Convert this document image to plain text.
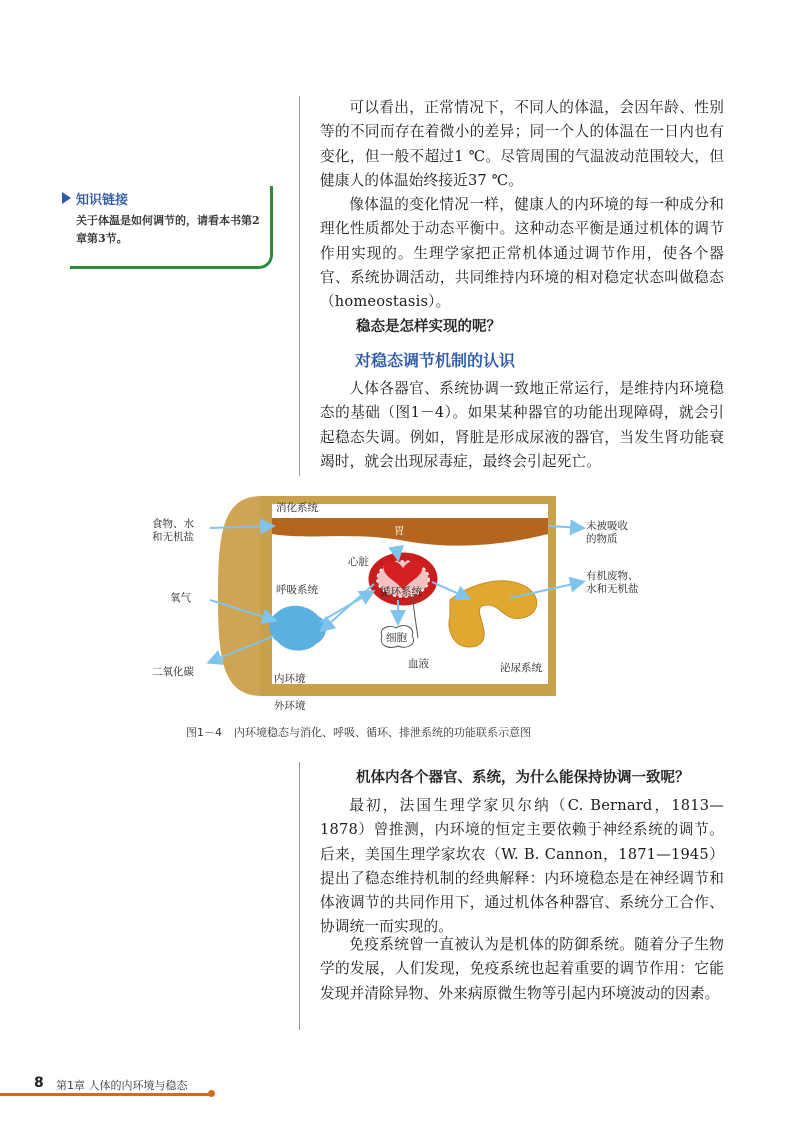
可以看出，正常情况下，不同人的体温，会因年龄、性别等的不同而存在着微小的差异；同一个人的体温在一日内也有变化，但一般不超过1 ℃。尽管周围的气温波动范围较大，但健康人的体温始终接近37 ℃。

像体温的变化情况一样，健康人的内环境的每一种成分和理化性质都处于动态平衡中。这种动态平衡是通过机体的调节作用实现的。生理学家把正常机体通过调节作用，使各个器官、系统协调活动，共同维持内环境的相对稳定状态叫做稳态（homeostasis）。

稳态是怎样实现的呢？
对稳态调节机制的认识

人体各器官、系统协调一致地正常运行，是维持内环境稳态的基础（图1－4）。如果某种器官的功能出现障碍，就会引起稳态失调。例如，肾脏是形成尿液的器官，当发生肾功能衰竭时，就会出现尿毒症，最终会引起死亡。

知识链接
关于体温是如何调节的，请看本书第2章第3节。
消化系统
胃
心脏
食物、水
和无机盐
氧气
二氧化碳
呼吸系统	循环系统
细胞
血液	泌尿系统
内环境
外环境
未被吸收
的物质
有机废物、
水和无机盐
图1－4 内环境稳态与消化、呼吸、循环、排泄系统的功能联系示意图
机体内各个器官、系统，为什么能保持协调一致呢？

最初，法国生理学家贝尔纳（C. Bernard，1813—1878）曾推测，内环境的恒定主要依赖于神经系统的调节。后来，美国生理学家坎农（W. B. Cannon，1871—1945）提出了稳态维持机制的经典解释：内环境稳态是在神经调节和体液调节的共同作用下，通过机体各种器官、系统分工合作、协调统一而实现的。

免疫系统曾一直被认为是机体的防御系统。随着分子生物学的发展，人们发现，免疫系统也起着重要的调节作用：它能发现并清除异物、外来病原微生物等引起内环境波动的因素。

8 第1章 人体的内环境与稳态
